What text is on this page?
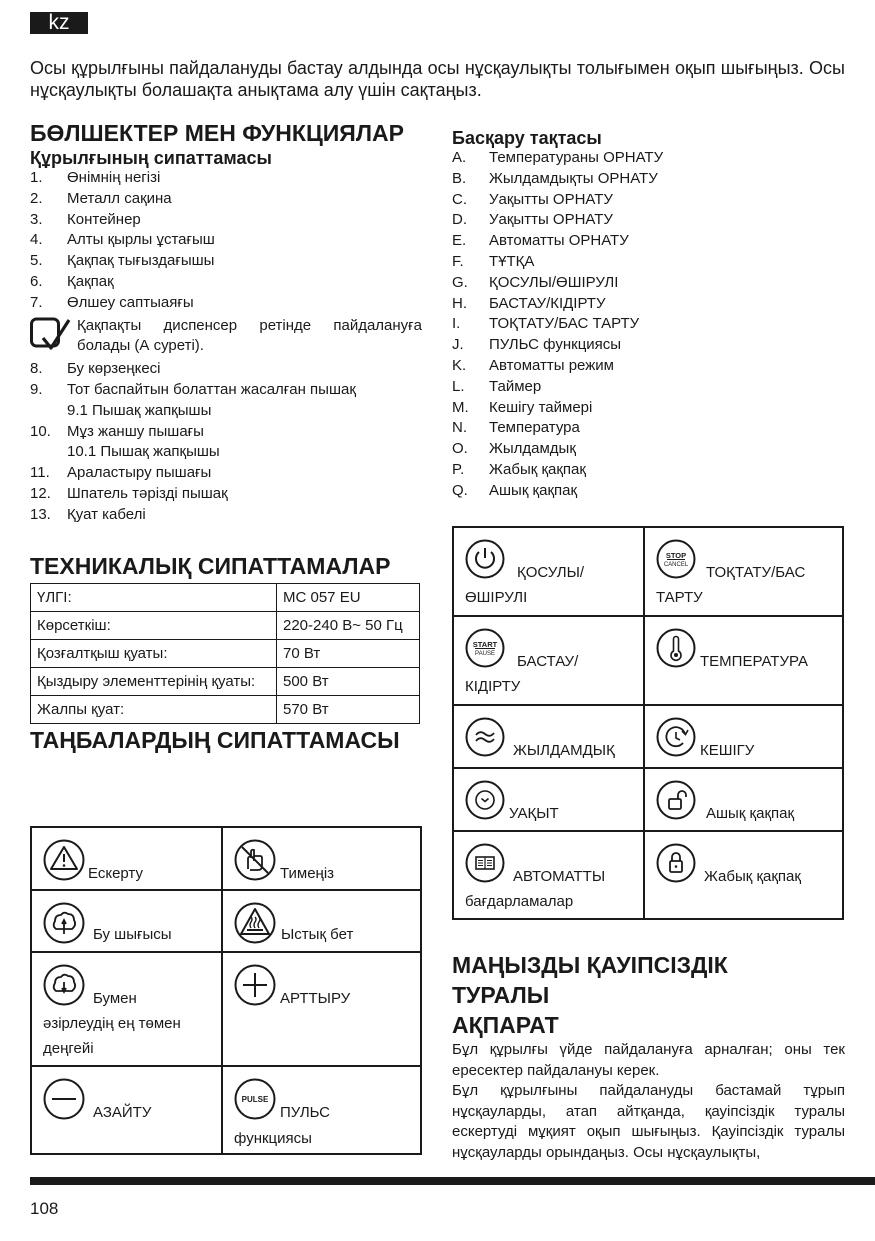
kz
Осы құрылғыны пайдалануды бастау алдында осы нұсқаулықты толығымен оқып шығыңыз. Осы нұсқаулықты болашақта анықтама алу үшін сақтаңыз.
БӨЛШЕКТЕР МЕН ФУНКЦИЯЛАР
Құрылғының сипаттамасы
1.	Өнімнің негізі
2.	Металл сақина
3.	Контейнер
4.	Алты қырлы ұстағыш
5.	Қақпақ тығыздағышы
6.	Қақпақ
7.	Өлшеу саптыаяғы
Қақпақты диспенсер ретінде пайдалануға болады (А суреті).
8.	Бу көрзеңкесі
9.	Тот баспайтын болаттан жасалған пышақ
9.1 Пышақ жапқышы
10.	Мұз жаншу пышағы
10.1 Пышақ жапқышы
11.	Араластыру пышағы
12.	Шпатель тәрізді пышақ
13.	Қуат кабелі
ТЕХНИКАЛЫҚ СИПАТТАМАЛАР
ҮЛГІ:	MC 057 EU
Көрсеткіш:	220-240 В~ 50 Гц
Қозғалтқыш қуаты:	70 Вт
Қыздыру элементтерінің қуаты:	500 Вт
Жалпы қуат:	570 Вт
ТАҢБАЛАРДЫҢ СИПАТТАМАСЫ
Ескерту	Тимеңіз

Бу шығысы	Ыстық бет

Бумен
әзірлеудің ең төмен
деңгейі	АРТТЫРУ

АЗАЙТУ	PULSE
ПУЛЬС
функциясы
Басқару тақтасы
A.	Температураны ОРНАТУ
B.	Жылдамдықты ОРНАТУ
C.	Уақытты ОРНАТУ
D.	Уақытты ОРНАТУ
E.	Автоматты ОРНАТУ
F.	ТҰТҚА
G.	ҚОСУЛЫ/ӨШІРУЛІ
H.	БАСТАУ/КІДІРТУ
I.	ТОҚТАТУ/БАС ТАРТУ
J.	ПУЛЬС функциясы
K.	Автоматты режим
L.	Таймер
M.	Кешігу таймері
N.	Температура
O.	Жылдамдық
P.	Жабық қақпақ
Q.	Ашық қақпақ
ҚОСУЛЫ/
ӨШІРУЛІ	STOP
CANCEL ТОҚТАТУ/БАС
ТАРТУ

START
PAUSE БАСТАУ/
КІДІРТУ	ТЕМПЕРАТУРА

ЖЫЛДАМДЫҚ	КЕШІГУ

УАҚЫТ	Ашық қақпақ

АВТОМАТТЫ
бағдарламалар	Жабық қақпақ
МАҢЫЗДЫ ҚАУІПСІЗДІК
ТУРАЛЫ
АҚПАРАТ

Бұл құрылғы үйде пайдалануға арналған; оны тек ересектер пайдалануы керек.

Бұл құрылғыны пайдалануды бастамай тұрып нұсқауларды, атап айтқанда, қауіпсіздік туралы ескертуді мұқият оқып шығыңыз. Қауіпсіздік туралы нұсқауларды орындаңыз. Осы нұсқаулықты,

108
